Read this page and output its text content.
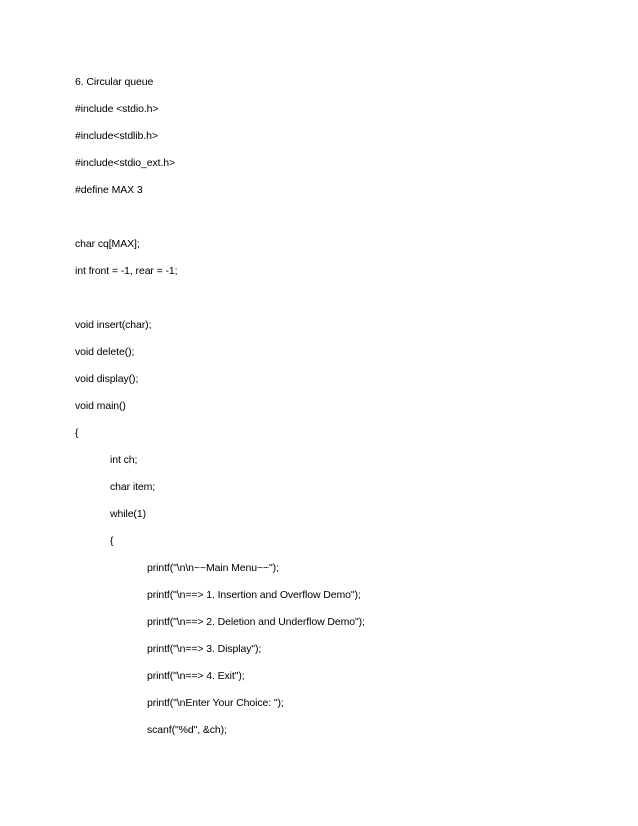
6. Circular queue
#include <stdio.h>
#include<stdlib.h>
#include<stdio_ext.h>
#define MAX 3
char cq[MAX];
int front = -1, rear = -1;
void insert(char);
void delete();
void display();
void main()
{
int ch;
char item;
while(1)
{
printf("\n\n~~Main Menu~~");
printf("\n==> 1. Insertion and Overflow Demo");
printf("\n==> 2. Deletion and Underflow Demo");
printf("\n==> 3. Display");
printf("\n==> 4. Exit");
printf("\nEnter Your Choice: ");
scanf("%d", &ch);
